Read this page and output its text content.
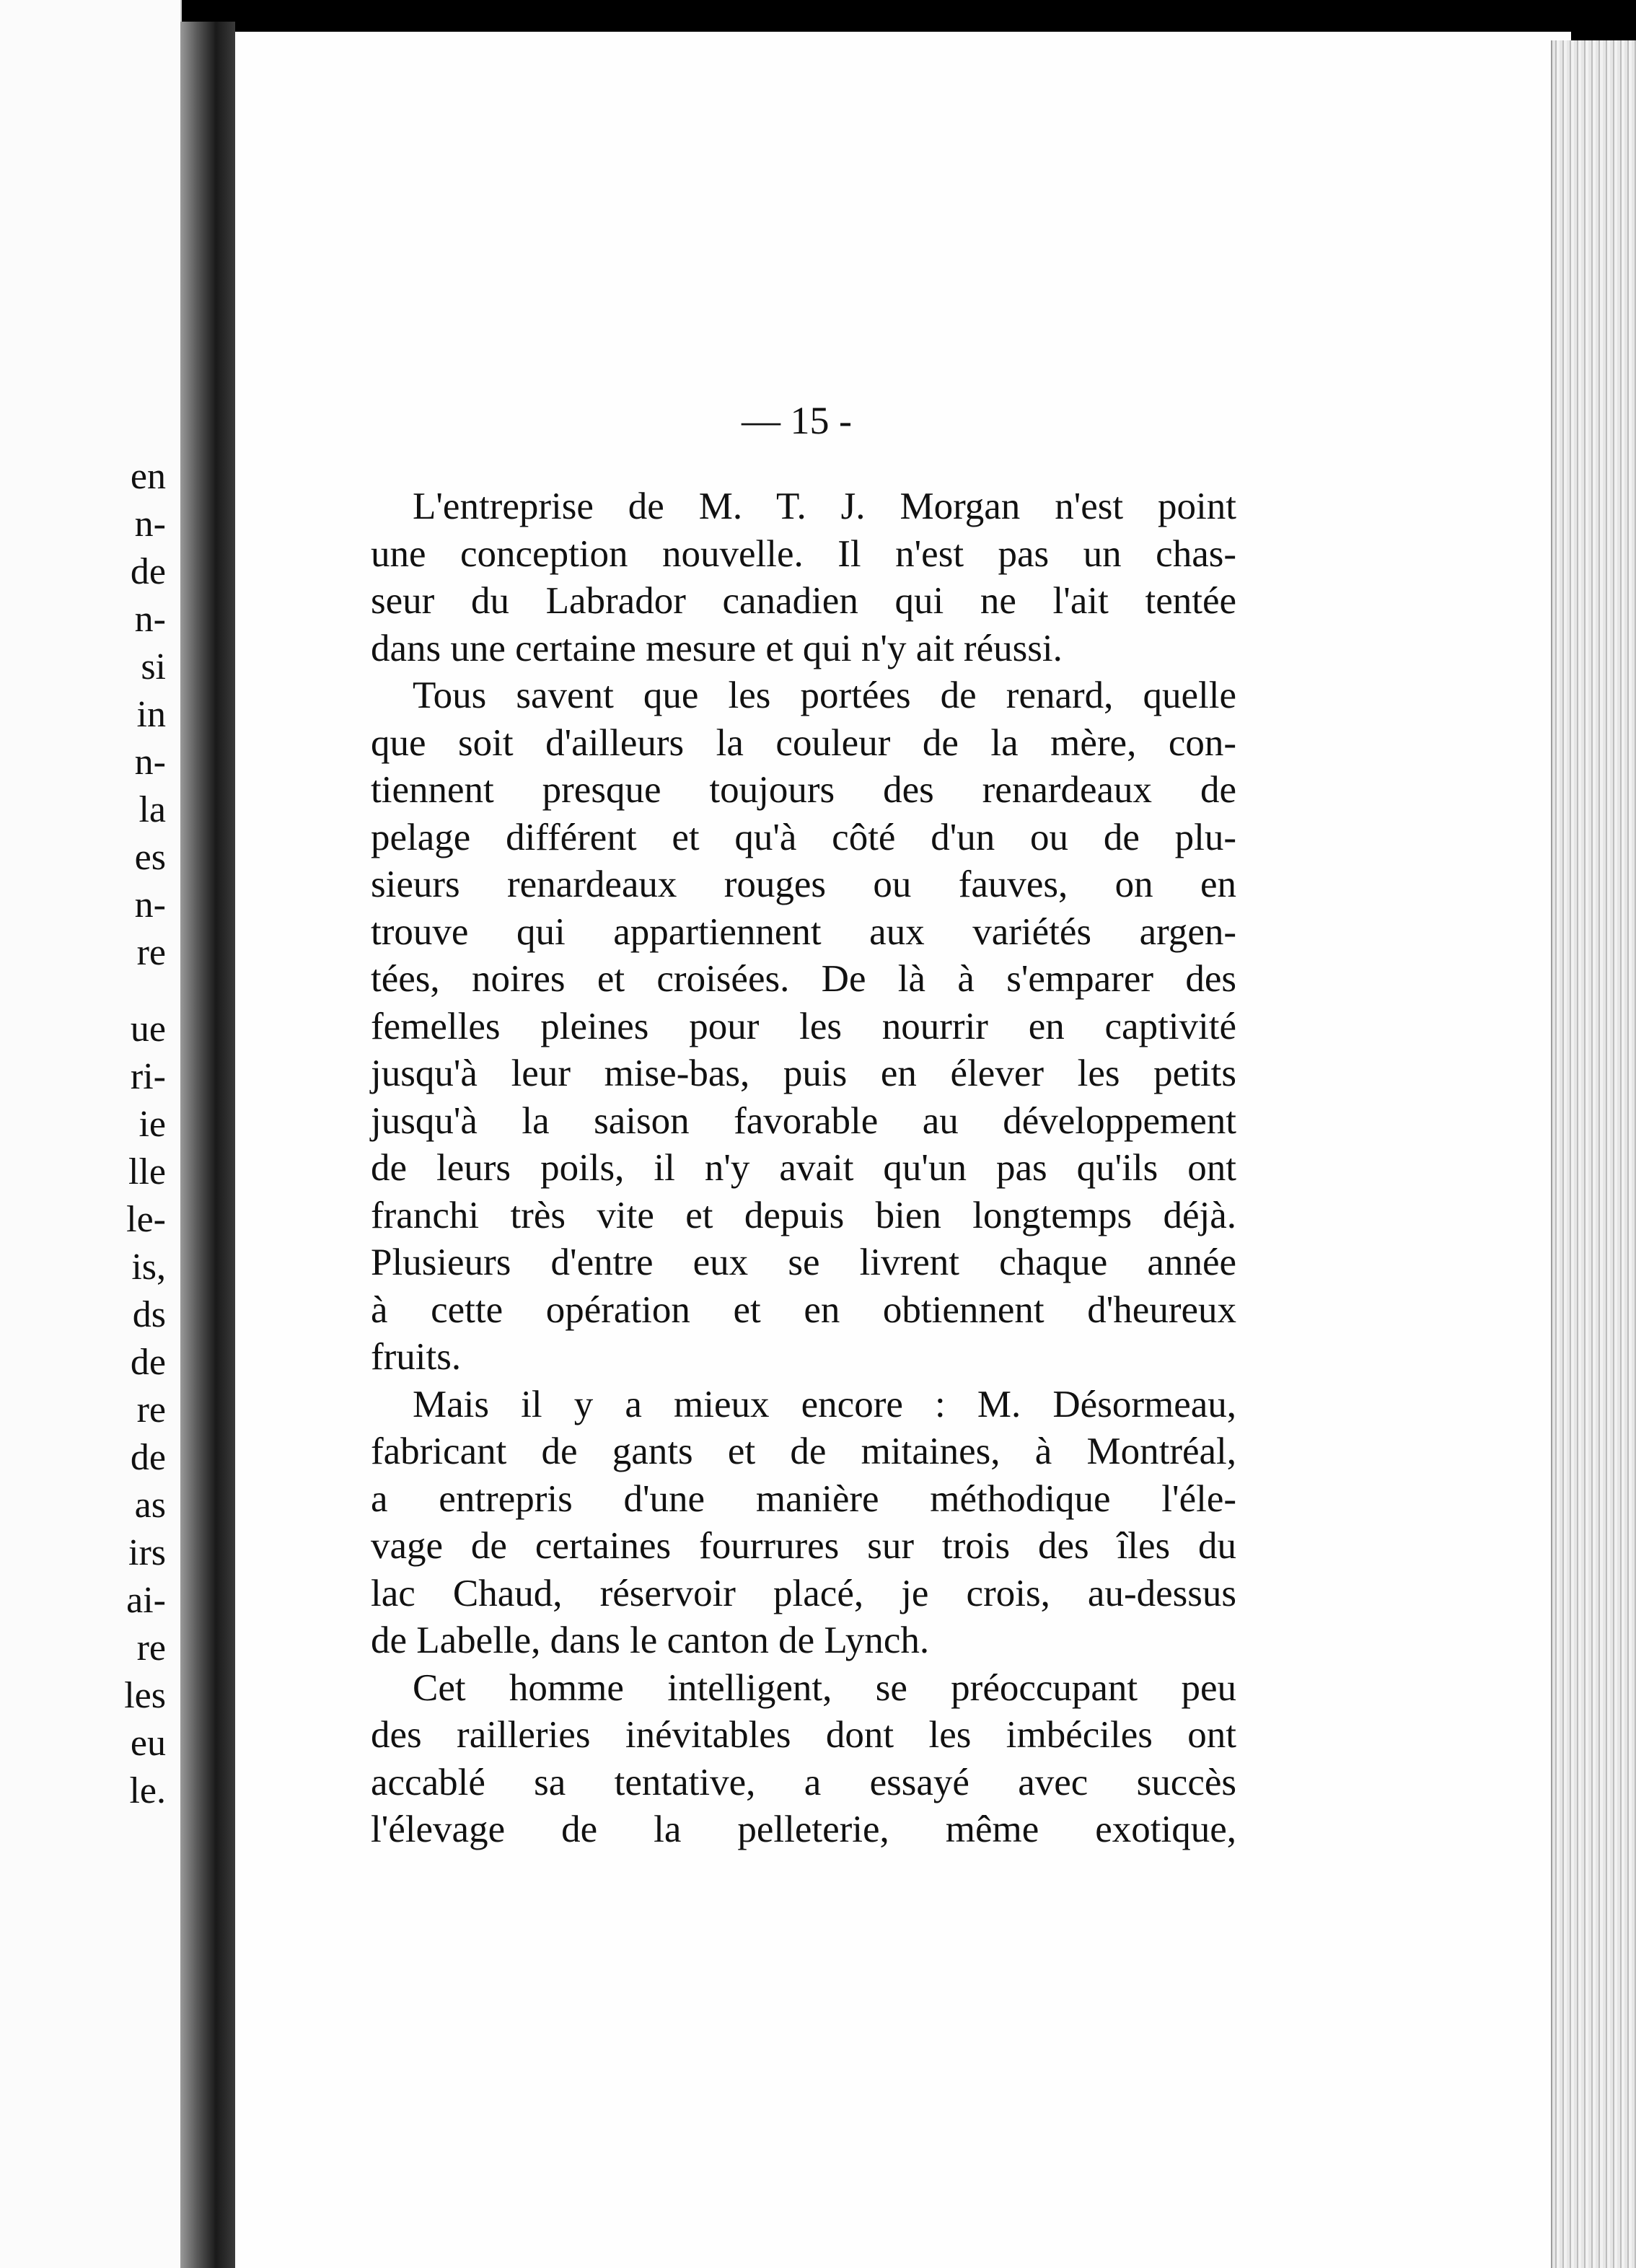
en
n-
de
n-
si
in
n-
la
es
n-
re
ue
ri-
ie
lle
le-
is,
ds
de
re
de
as
irs
ai-
re
les
eu
le.
— 15 -
L'entreprise de M. T. J. Morgan n'est point
une conception nouvelle. Il n'est pas un chas-
seur du Labrador canadien qui ne l'ait tentée
dans une certaine mesure et qui n'y ait réussi.
Tous savent que les portées de renard, quelle
que soit d'ailleurs la couleur de la mère, con-
tiennent presque toujours des renardeaux de
pelage différent et qu'à côté d'un ou de plu-
sieurs renardeaux rouges ou fauves, on en
trouve qui appartiennent aux variétés argen-
tées, noires et croisées. De là à s'emparer des
femelles pleines pour les nourrir en captivité
jusqu'à leur mise-bas, puis en élever les petits
jusqu'à la saison favorable au développement
de leurs poils, il n'y avait qu'un pas qu'ils ont
franchi très vite et depuis bien longtemps déjà.
Plusieurs d'entre eux se livrent chaque année
à cette opération et en obtiennent d'heureux
fruits.
Mais il y a mieux encore : M. Désormeau,
fabricant de gants et de mitaines, à Montréal,
a entrepris d'une manière méthodique l'éle-
vage de certaines fourrures sur trois des îles du
lac Chaud, réservoir placé, je crois, au-dessus
de Labelle, dans le canton de Lynch.
Cet homme intelligent, se préoccupant peu
des railleries inévitables dont les imbéciles ont
accablé sa tentative, a essayé avec succès
l'élevage de la pelleterie, même exotique,
